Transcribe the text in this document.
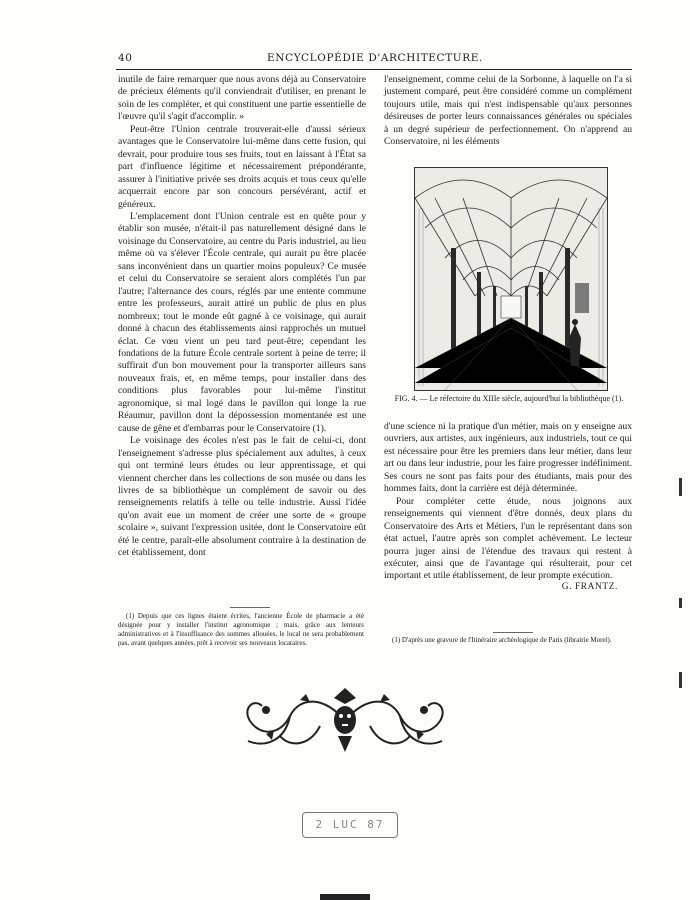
40	ENCYCLOPÉDIE D'ARCHITECTURE.

inutile de faire remarquer que nous avons déjà au Conservatoire de précieux éléments qu'il conviendrait d'utiliser, en prenant le soin de les compléter, et qui constituent une partie essentielle de l'œuvre qu'il s'agit d'accomplir. »

Peut-être l'Union centrale trouverait-elle d'aussi sérieux avantages que le Conservatoire lui-même dans cette fusion, qui devrait, pour produire tous ses fruits, tout en laissant à l'État sa part d'influence légitime et nécessairement prépondérante, assurer à l'initiative privée ses droits acquis et tous ceux qu'elle acquerrait encore par son concours persévérant, actif et généreux.

L'emplacement dont l'Union centrale est en quête pour y établir son musée, n'était-il pas naturellement désigné dans le voisinage du Conservatoire, au centre du Paris industriel, au lieu même où va s'élever l'École centrale, qui aurait pu être placée sans inconvénient dans un quartier moins populeux? Ce musée et celui du Conservatoire se seraient alors complétés l'un par l'autre; l'alternance des cours, réglés par une entente commune entre les professeurs, aurait attiré un public de plus en plus nombreux; tout le monde eût gagné à ce voisinage, qui aurait donné à chacun des établissements ainsi rapprochés un mutuel éclat. Ce vœu vient un peu tard peut-être; cependant les fondations de la future École centrale sortent à peine de terre; il suffirait d'un bon mouvement pour la transporter ailleurs sans nouveaux frais, et, en même temps, pour installer dans des conditions plus favorables pour lui-même l'institut agronomique, si mal logé dans le pavillon qui longe la rue Réaumur, pavillon dont la dépossession momentanée est une cause de gêne et d'embarras pour le Conservatoire (1).

Le voisinage des écoles n'est pas le fait de celui-ci, dont l'enseignement s'adresse plus spécialement aux adultes, à ceux qui ont terminé leurs études ou leur apprentissage, et qui viennent chercher dans les collections de son musée ou dans les livres de sa bibliothèque un complément de savoir ou des renseignements relatifs à telle ou telle industrie. Aussi l'idée qu'on avait eue un moment de créer une sorte de « groupe scolaire », suivant l'expression usitée, dont le Conservatoire eût été le centre, paraît-elle absolument contraire à la destination de cet établissement, dont

(1) Depuis que ces lignes étaient écrites, l'ancienne École de pharmacie a été désignée pour y installer l'institut agronomique ; mais, grâce aux lenteurs administratives et à l'insuffisance des sommes allouées, le local ne sera probablement pas, avant quelques années, prêt à recevoir ses nouveaux locataires.

l'enseignement, comme celui de la Sorbonne, à laquelle on l'a si justement comparé, peut être considéré comme un complément toujours utile, mais qui n'est indispensable qu'aux personnes désireuses de porter leurs connaissances générales ou spéciales à un degré supérieur de perfectionnement. On n'apprend au Conservatoire, ni les éléments

FIG. 4. — Le réfectoire du XIIIe siècle, aujourd'hui la bibliothèque (1).

d'une science ni la pratique d'un métier, mais on y enseigne aux ouvriers, aux artistes, aux ingénieurs, aux industriels, tout ce qui est nécessaire pour être les premiers dans leur métier, dans leur art ou dans leur industrie, pour les faire progresser indéfiniment. Ses cours ne sont pas faits pour des étudiants, mais pour des hommes faits, dont la carrière est déjà déterminée.

Pour compléter cette étude, nous joignons aux renseignements qui viennent d'être donnés, deux plans du Conservatoire des Arts et Métiers, l'un le représentant dans son état actuel, l'autre après son complet achèvement. Le lecteur pourra juger ainsi de l'étendue des travaux qui restent à exécuter, ainsi que de l'avantage qui résulterait, pour cet important et utile établissement, de leur prompte exécution.

G. FRANTZ.

(1) D'après une gravure de l'Itinéraire archéologique de Paris (librairie Morel).

2 LUC 87
